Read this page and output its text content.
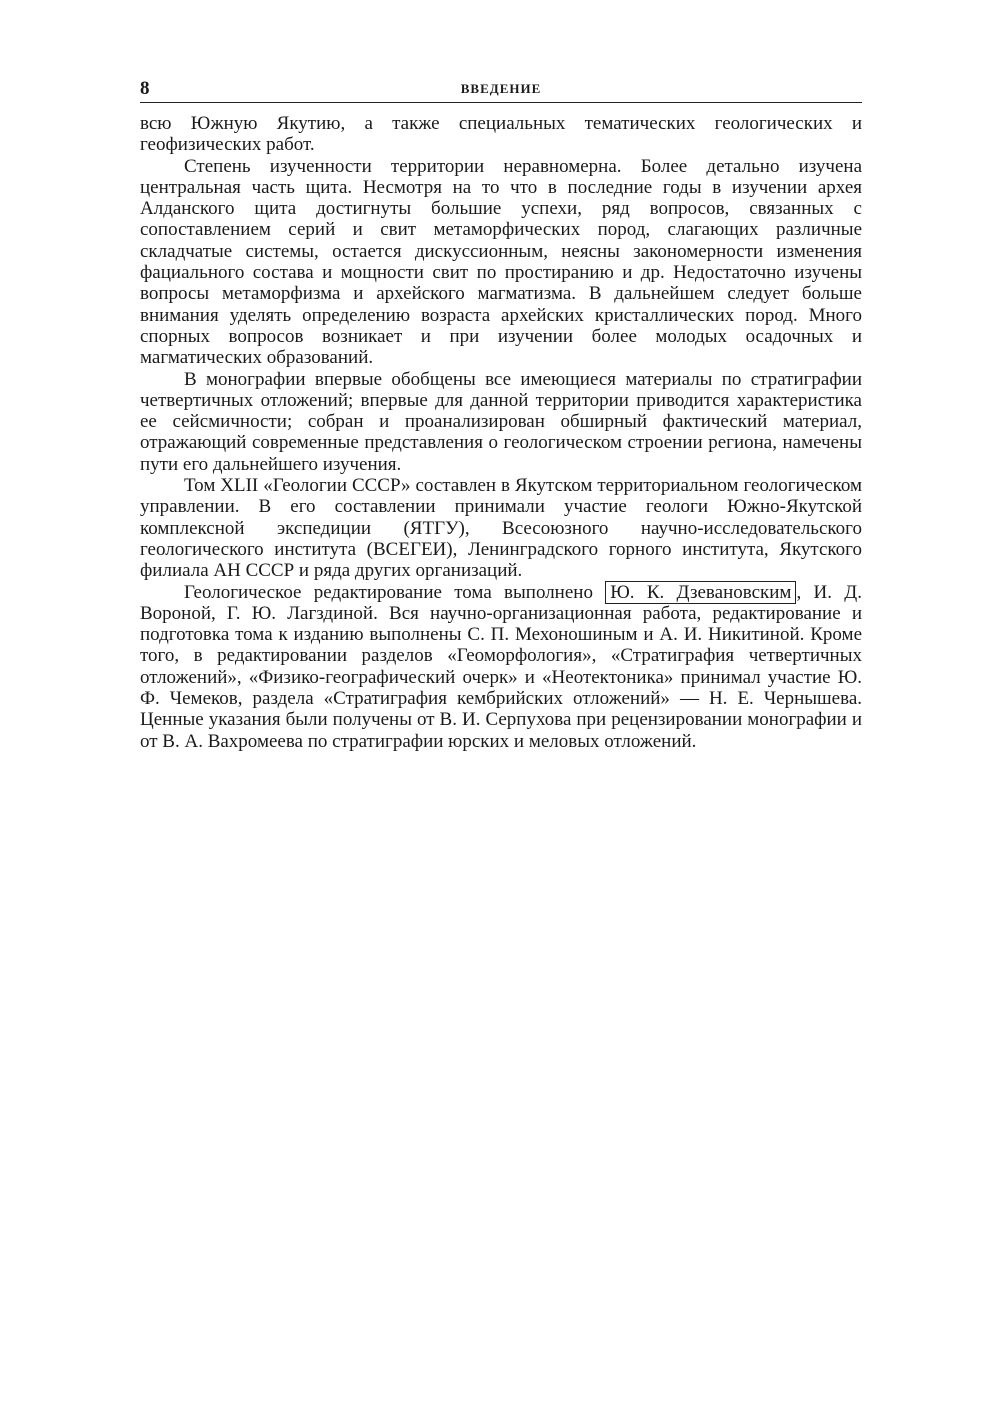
8	ВВЕДЕНИЕ

всю Южную Якутию, а также специальных тематических геологических и геофизических работ.

Степень изученности территории неравномерна. Более детально изучена центральная часть щита. Несмотря на то что в последние годы в изучении архея Алданского щита достигнуты большие успехи, ряд вопросов, связанных с сопоставлением серий и свит метаморфических пород, слагающих различные складчатые системы, остается дискуссионным, неясны закономерности изменения фациального состава и мощности свит по простиранию и др. Недостаточно изучены вопросы метаморфизма и архейского магматизма. В дальнейшем следует больше внимания уделять определению возраста архейских кристаллических пород. Много спорных вопросов возникает и при изучении более молодых осадочных и магматических образований.

В монографии впервые обобщены все имеющиеся материалы по стратиграфии четвертичных отложений; впервые для данной территории приводится характеристика ее сейсмичности; собран и проанализирован обширный фактический материал, отражающий современные представления о геологическом строении региона, намечены пути его дальнейшего изучения.

Том XLII «Геологии СССР» составлен в Якутском территориальном геологическом управлении. В его составлении принимали участие геологи Южно-Якутской комплексной экспедиции (ЯТГУ), Всесоюзного научно-исследовательского геологического института (ВСЕГЕИ), Ленинградского горного института, Якутского филиала АН СССР и ряда других организаций.

Геологическое редактирование тома выполнено Ю. К. Дзевановским , И. Д. Вороной, Г. Ю. Лагздиной. Вся научно-организационная работа, редактирование и подготовка тома к изданию выполнены С. П. Мехоношиным и А. И. Никитиной. Кроме того, в редактировании разделов «Геоморфология», «Стратиграфия четвертичных отложений», «Физико-географический очерк» и «Неотектоника» принимал участие Ю. Ф. Чемеков, раздела «Стратиграфия кембрийских отложений» — Н. Е. Чернышева. Ценные указания были получены от В. И. Серпухова при рецензировании монографии и от В. А. Вахромеева по стратиграфии юрских и меловых отложений.
